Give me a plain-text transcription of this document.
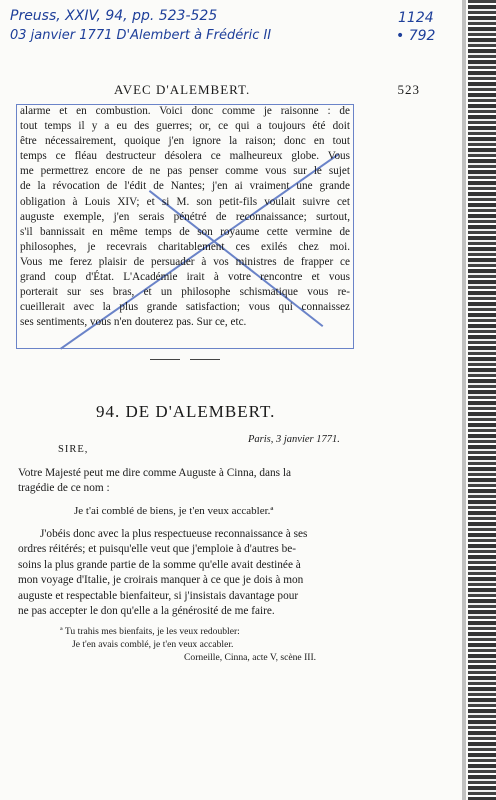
Preuss, XXIV, 94, pp. 523-525
03 janvier 1771 D'Alembert à Frédéric II
1124
• 792
AVEC D'ALEMBERT.	523
alarme et en combustion. Voici donc comme je raisonne : de
tout temps il y a eu des guerres; or, ce qui a toujours été doit
être nécessairement, quoique j'en ignore la raison; donc en tout
temps ce fléau destructeur désolera ce malheureux globe. Vous
me permettrez encore de ne pas penser comme vous sur le sujet
de la révocation de l'édit de Nantes; j'en ai vraiment une grande
obligation à Louis XIV; et si M. son petit-fils voulait suivre cet
auguste exemple, j'en serais pénétré de reconnaissance; surtout,
s'il bannissait en même temps de son royaume cette vermine de
philosophes, je recevrais charitablement ces exilés chez moi.
Vous me ferez plaisir de persuader à vos ministres de frapper ce
grand coup d'État. L'Académie irait à votre rencontre et vous
porterait sur ses bras, et un philosophe schismatique vous re-
cueillerait avec la plus grande satisfaction; vous qui connaissez
ses sentiments, vous n'en douterez pas. Sur ce, etc.
94. DE D'ALEMBERT.
Paris, 3 janvier 1771.
SIRE,
Votre Majesté peut me dire comme Auguste à Cinna, dans la
tragédie de ce nom :
Je t'ai comblé de biens, je t'en veux accabler.ª
J'obéis donc avec la plus respectueuse reconnaissance à ses
ordres réitérés; et puisqu'elle veut que j'emploie à d'autres be-
soins la plus grande partie de la somme qu'elle avait destinée à
mon voyage d'Italie, je croirais manquer à ce que je dois à mon
auguste et respectable bienfaiteur, si j'insistais davantage pour
ne pas accepter le don qu'elle a la générosité de me faire.
ª Tu trahis mes bienfaits, je les veux redoubler:
Je t'en avais comblé, je t'en veux accabler.
Corneille, Cinna, acte V, scène III.
